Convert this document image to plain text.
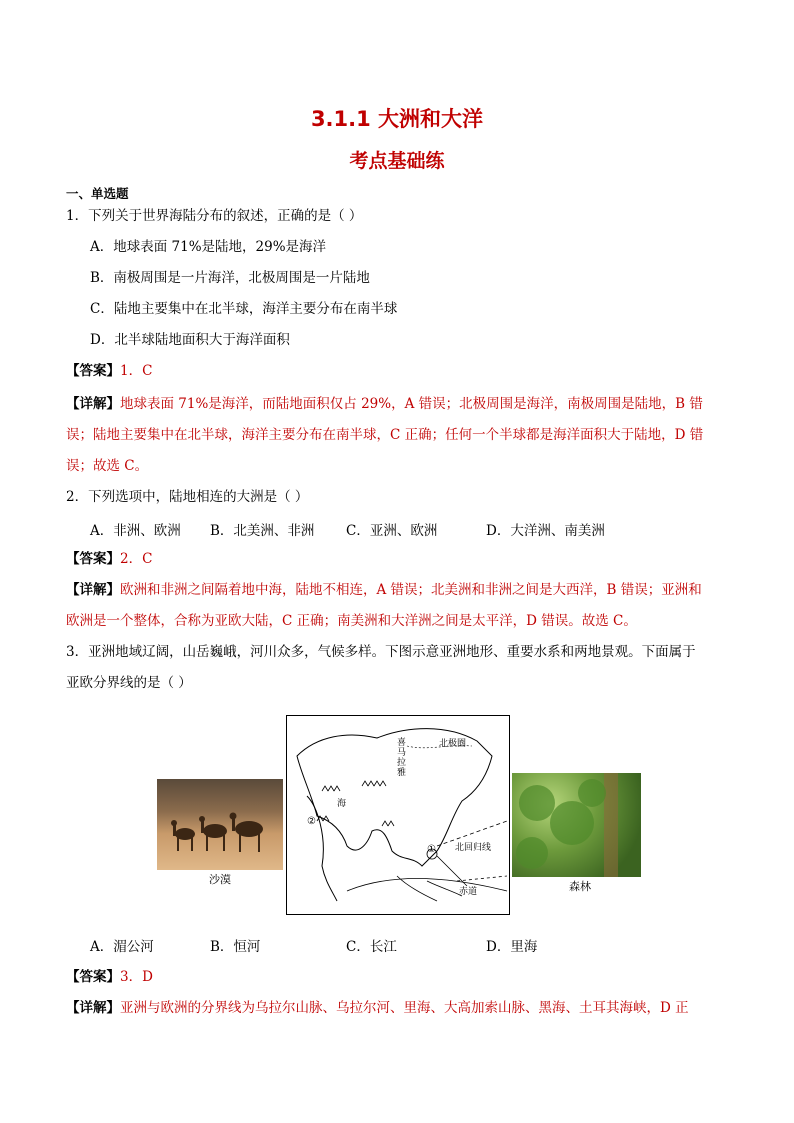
3.1.1 大洲和大洋
考点基础练
一、单选题
1．下列关于世界海陆分布的叙述，正确的是（ ）
A．地球表面 71%是陆地，29%是海洋
B．南极周围是一片海洋，北极周围是一片陆地
C．陆地主要集中在北半球，海洋主要分布在南半球
D．北半球陆地面积大于海洋面积
【答案】1．C
【详解】地球表面 71%是海洋，而陆地面积仅占 29%，A 错误；北极周围是海洋，南极周围是陆地，B 错
误；陆地主要集中在北半球，海洋主要分布在南半球，C 正确；任何一个半球都是海洋面积大于陆地，D 错
误；故选 C。
2．下列选项中，陆地相连的大洲是（ ）
A．非洲、欧洲 B．北美洲、非洲 C．亚洲、欧洲	D．大洋洲、南美洲
【答案】2．C
【详解】欧洲和非洲之间隔着地中海，陆地不相连，A 错误；北美洲和非洲之间是大西洋，B 错误；亚洲和
欧洲是一个整体，合称为亚欧大陆，C 正确；南美洲和大洋洲之间是太平洋，D 错误。故选 C。
3．亚洲地域辽阔，山岳巍峨，河川众多，气候多样。下图示意亚洲地形、重要水系和两地景观。下面属于
亚欧分界线的是（ ）
沙漠
北极圈
喜马拉雅
海
②
① 北回归线
赤道	森林
A．湄公河	B．恒河	C．长江	D．里海
【答案】3．D
【详解】亚洲与欧洲的分界线为乌拉尔山脉、乌拉尔河、里海、大高加索山脉、黑海、土耳其海峡，D 正
